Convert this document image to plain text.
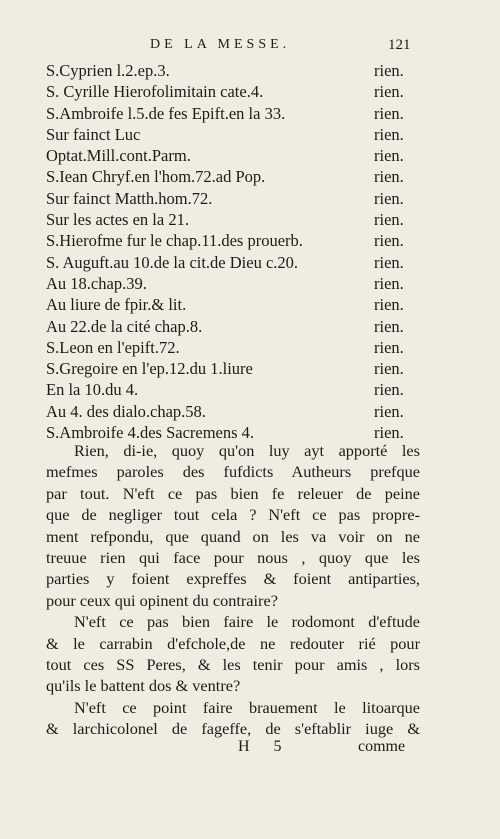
DE LA MESSE.	121
S.Cyprien l.2.ep.3.	rien.
S. Cyrille Hierofolimitain cate.4.	rien.
S.Ambroife l.5.de fes Epift.en la 33.	rien.
Sur fainct Luc	rien.
Optat.Mill.cont.Parm.	rien.
S.Iean Chryf.en l'hom.72.ad Pop.	rien.
Sur fainct Matth.hom.72.	rien.
Sur les actes en la 21.	rien.
S.Hierofme fur le chap.11.des prouerb.	rien.
S. Auguft.au 10.de la cit.de Dieu c.20.	rien.
Au 18.chap.39.	rien.
Au liure de fpir.& lit.	rien.
Au 22.de la cité chap.8.	rien.
S.Leon en l'epift.72.	rien.
S.Gregoire en l'ep.12.du 1.liure	rien.
En la 10.du 4.	rien.
Au 4. des dialo.chap.58.	rien.
S.Ambroife 4.des Sacremens 4.	rien.

Rien, di-ie, quoy qu'on luy ayt apporté les
mefmes paroles des fufdicts Autheurs prefque
par tout. N'eft ce pas bien fe releuer de peine
que de negliger tout cela ? N'eft ce pas propre-
ment refpondu, que quand on les va voir on ne
treuue rien qui face pour nous , quoy que les
parties y foient expreffes & foient antiparties,
pour ceux qui opinent du contraire?

N'eft ce pas bien faire le rodomont d'eftude
& le carrabin d'efchole,de ne redouter rié pour
tout ces SS Peres, & les tenir pour amis , lors
qu'ils le battent dos & ventre?

N'eft ce point faire brauement le litoarque
& larchicolonel de fageffe, de s'eftablir iuge &

H 5	comme
